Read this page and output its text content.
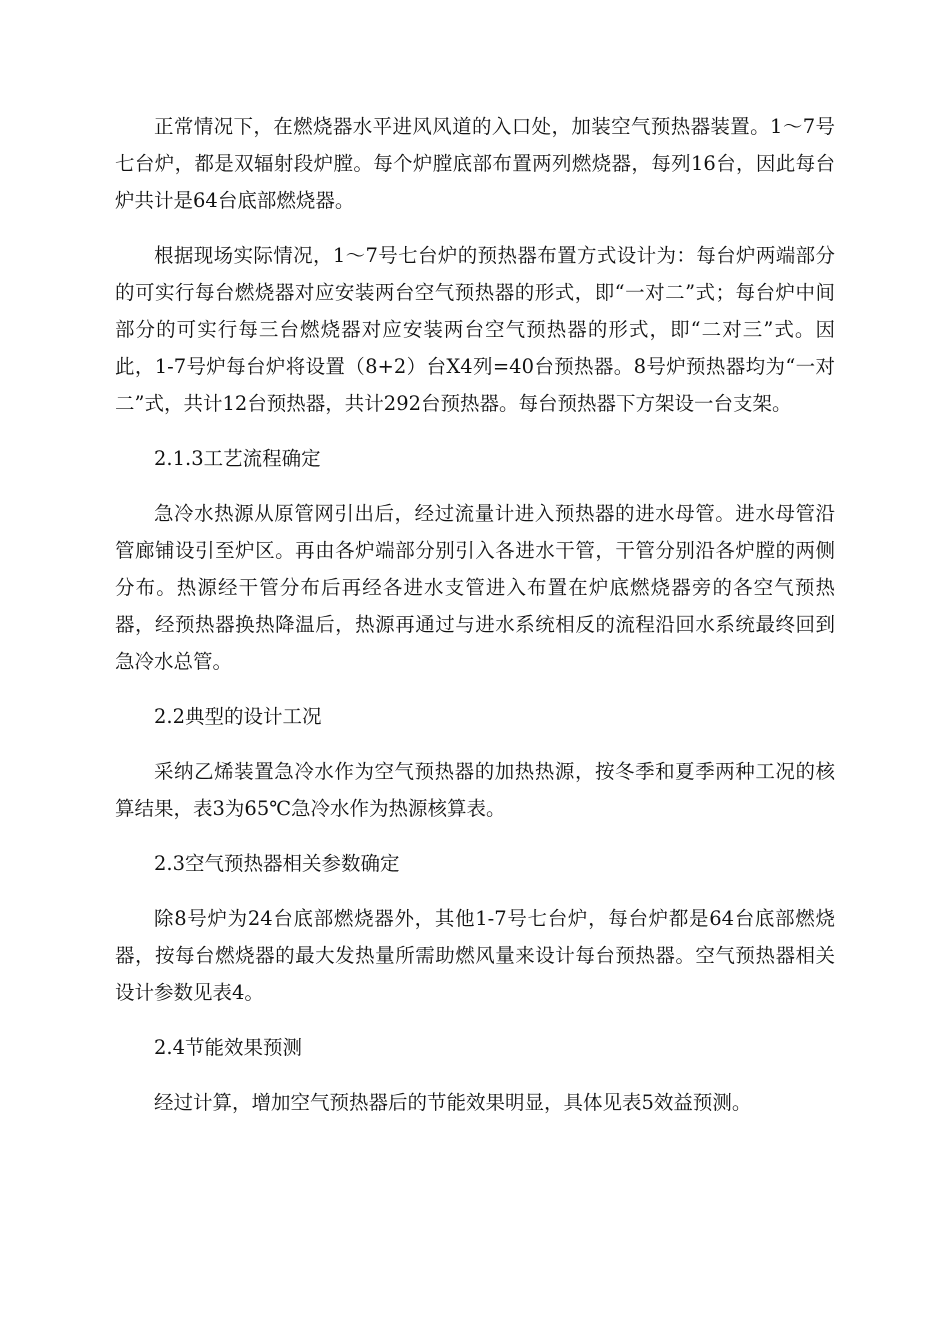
正常情况下，在燃烧器水平进风风道的入口处，加装空气预热器装置。1～7号七台炉，都是双辐射段炉膛。每个炉膛底部布置两列燃烧器，每列16台，因此每台炉共计是64台底部燃烧器。

根据现场实际情况，1～7号七台炉的预热器布置方式设计为：每台炉两端部分的可实行每台燃烧器对应安装两台空气预热器的形式，即“一对二”式；每台炉中间部分的可实行每三台燃烧器对应安装两台空气预热器的形式，即“二对三”式。因此，1-7号炉每台炉将设置（8+2）台X4列=40台预热器。8号炉预热器均为“一对二”式，共计12台预热器，共计292台预热器。每台预热器下方架设一台支架。

2.1.3工艺流程确定

急冷水热源从原管网引出后，经过流量计进入预热器的进水母管。进水母管沿管廊铺设引至炉区。再由各炉端部分别引入各进水干管，干管分别沿各炉膛的两侧分布。热源经干管分布后再经各进水支管进入布置在炉底燃烧器旁的各空气预热器，经预热器换热降温后，热源再通过与进水系统相反的流程沿回水系统最终回到急冷水总管。

2.2典型的设计工况

采纳乙烯装置急冷水作为空气预热器的加热热源，按冬季和夏季两种工况的核算结果，表3为65℃急冷水作为热源核算表。

2.3空气预热器相关参数确定

除8号炉为24台底部燃烧器外，其他1-7号七台炉，每台炉都是64台底部燃烧器，按每台燃烧器的最大发热量所需助燃风量来设计每台预热器。空气预热器相关设计参数见表4。

2.4节能效果预测

经过计算，增加空气预热器后的节能效果明显，具体见表5效益预测。
